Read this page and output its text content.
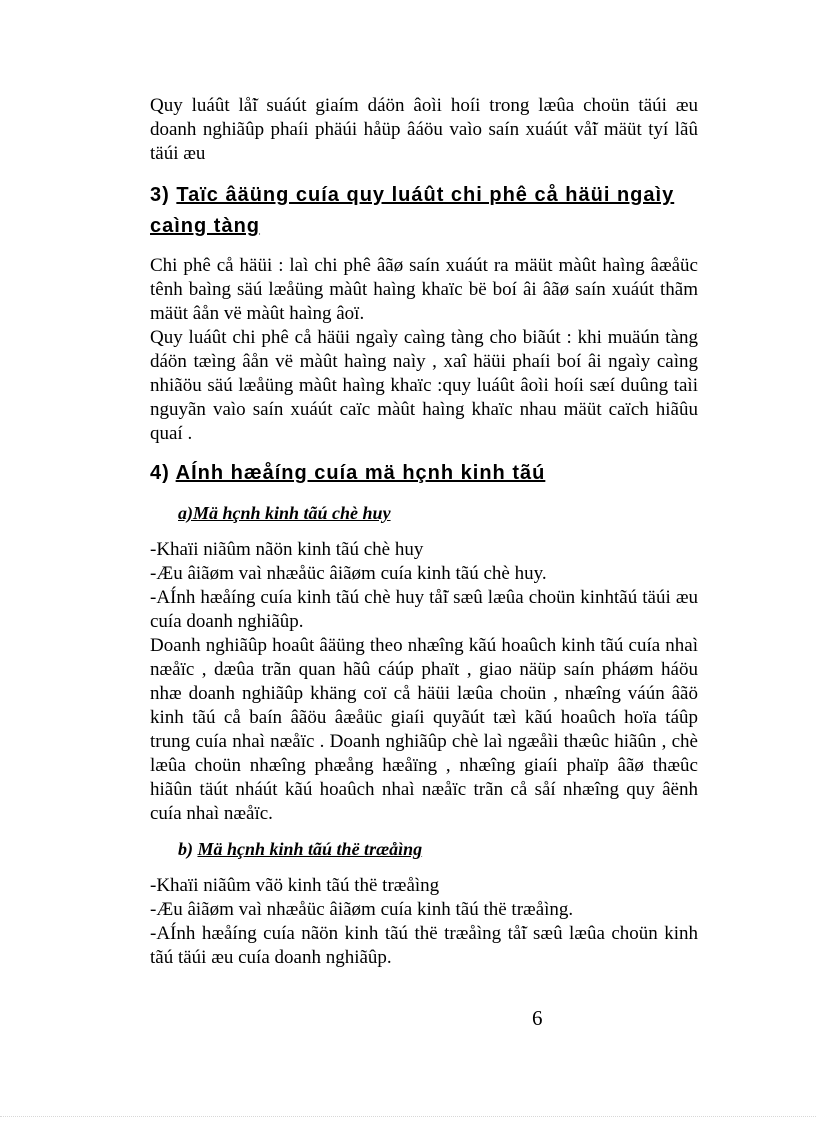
Quy luáût lå̃i suáút giaím dáön âoìi hoíi trong læûa choün täúi æu doanh nghiãûp phaíi phäúi håüp âáöu vaìo saín xuáút vå̃i mäüt tyí lãû täúi æu

3) Taïc âäüng cuía quy luáût chi phê cå häüi ngaìy caìng tàng

Chi phê cå häüi : laì chi phê âãø saín xuáút ra mäüt màût haìng âæåüc tênh baìng säú læåüng màût haìng khaïc bë boí âi âãø saín xuáút thãm mäüt âån vë màût haìng âoï.

Quy luáût chi phê cå häüi ngaìy caìng tàng cho biãút : khi muäún tàng dáön tæìng âån vë màût haìng naìy , xaî häüi phaíi boí âi ngaìy caìng nhiãöu säú læåüng màût haìng khaïc :quy luáût âoìi hoíi sæí duûng taìi nguyãn vaìo saín xuáút caïc màût haìng khaïc nhau mäüt caïch hiãûu quaí .

4) AÍnh hæåíng cuía mä hçnh kinh tãú
a)Mä hçnh kinh tãú chè huy

-Khaïi niãûm nãön kinh tãú chè huy

-Æu âiãøm vaì nhæåüc âiãøm cuía kinh tãú chè huy.

-AÍnh hæåíng cuía kinh tãú chè huy tå̃i sæû læûa choün kinhtãú täúi æu cuía doanh nghiãûp.

Doanh nghiãûp hoaût âäüng theo nhæîng kãú hoaûch kinh tãú cuía nhaì næåïc , dæûa trãn quan hãû cáúp phaït , giao näüp saín pháøm háöu nhæ doanh nghiãûp khäng coï cå häüi læûa choün , nhæîng váún âãö kinh tãú cå baín âãöu âæåüc giaíi quyãút tæì kãú hoaûch hoïa táûp trung cuía nhaì næåïc . Doanh nghiãûp chè laì ngæåìi thæûc hiãûn , chè læûa choün nhæîng phæång hæåïng , nhæîng giaíi phaïp âãø thæûc hiãûn täút nháút kãú hoaûch nhaì næåïc trãn cå såí nhæîng quy âënh cuía nhaì næåïc.

b) Mä hçnh kinh tãú thë træåìng

-Khaïi niãûm vãö kinh tãú thë træåìng

-Æu âiãøm vaì nhæåüc âiãøm cuía kinh tãú thë træåìng.

-AÍnh hæåíng cuía nãön kinh tãú thë træåìng tå̃i sæû læûa choün kinh tãú täúi æu cuía doanh nghiãûp.

6
